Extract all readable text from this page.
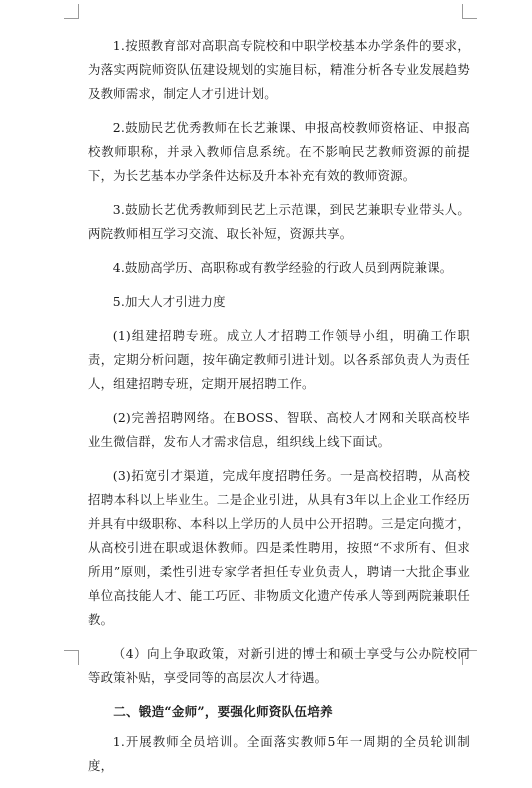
1.按照教育部对高职高专院校和中职学校基本办学条件的要求，为落实两院师资队伍建设规划的实施目标，精准分析各专业发展趋势及教师需求，制定人才引进计划。

2.鼓励民艺优秀教师在长艺兼课、申报高校教师资格证、申报高校教师职称，并录入教师信息系统。在不影响民艺教师资源的前提下，为长艺基本办学条件达标及升本补充有效的教师资源。

3.鼓励长艺优秀教师到民艺上示范课，到民艺兼职专业带头人。两院教师相互学习交流、取长补短，资源共享。

4.鼓励高学历、高职称或有教学经验的行政人员到两院兼课。

5.加大人才引进力度

(1)组建招聘专班。成立人才招聘工作领导小组，明确工作职责，定期分析问题，按年确定教师引进计划。以各系部负责人为责任人，组建招聘专班，定期开展招聘工作。

(2)完善招聘网络。在BOSS、智联、高校人才网和关联高校毕业生微信群，发布人才需求信息，组织线上线下面试。

(3)拓宽引才渠道，完成年度招聘任务。一是高校招聘，从高校招聘本科以上毕业生。二是企业引进，从具有3年以上企业工作经历并具有中级职称、本科以上学历的人员中公开招聘。三是定向揽才，从高校引进在职或退休教师。四是柔性聘用，按照“不求所有、但求所用”原则，柔性引进专家学者担任专业负责人，聘请一大批企事业单位高技能人才、能工巧匠、非物质文化遗产传承人等到两院兼职任教。

（4）向上争取政策，对新引进的博士和硕士享受与公办院校同等政策补贴，享受同等的高层次人才待遇。

二、锻造“金师”，要强化师资队伍培养

1.开展教师全员培训。全面落实教师5年一周期的全员轮训制度，
